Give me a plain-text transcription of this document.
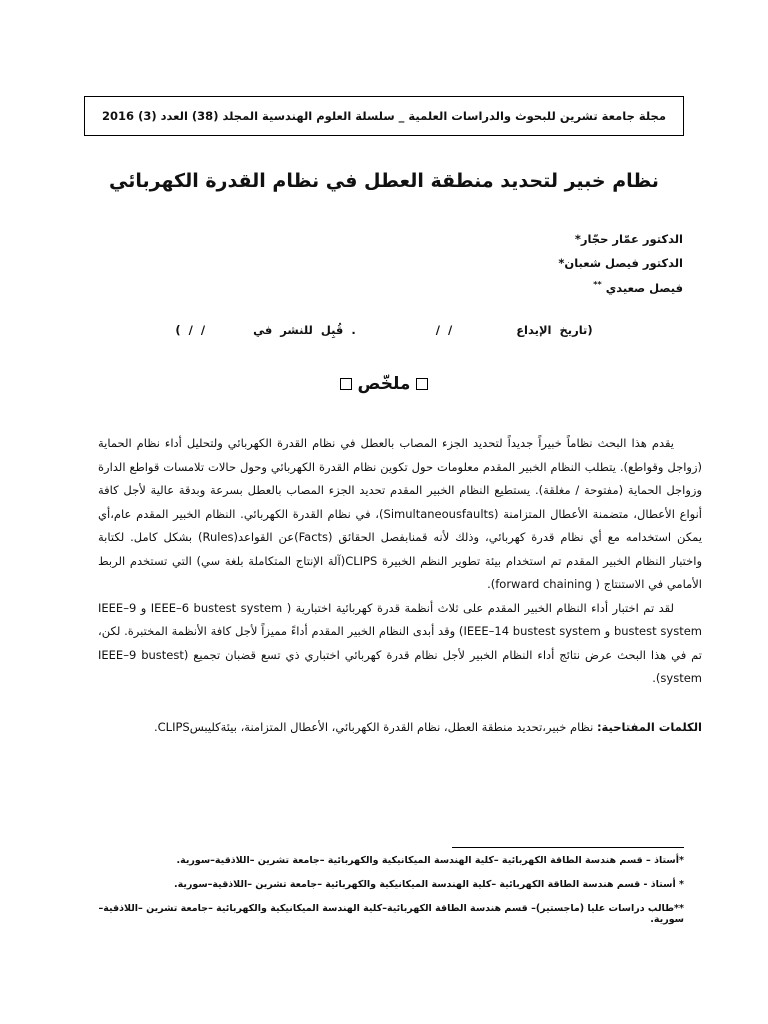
مجلة جامعة تشرين للبحوث والدراسات العلمية _ سلسلة العلوم الهندسية المجلد (38) العدد (3) 2016
نظام خبير لتحديد منطقة العطل في نظام القدرة الكهربائي
الدكتور عمّار حجّار*
الدكتور فيصل شعبان*
فيصل صعيدي **
(تاريخ الإيداع        / /          . قُبِل للنشر في      / / )
ملخّص

يقدم هذا البحث نظاماً خبيراً جديداً لتحديد الجزء المصاب بالعطل في نظام القدرة الكهربائي ولتحليل أداء نظام الحماية (زواجل وقواطع). يتطلب النظام الخبير المقدم معلومات حول تكوين نظام القدرة الكهربائي وحول حالات تلامسات قواطع الدارة وزواجل الحماية (مفتوحة / مغلقة). يستطيع النظام الخبير المقدم تحديد الجزء المصاب بالعطل بسرعة وبدقة عالية لأجل كافة أنواع الأعطال، متضمنة الأعطال المتزامنة (Simultaneousfaults)، في نظام القدرة الكهربائي. النظام الخبير المقدم عام،أي يمكن استخدامه مع أي نظام قدرة كهربائي، وذلك لأنه قمنابفصل الحقائق (Facts)عن القواعد(Rules) بشكل كامل. لكتابة واختبار النظام الخبير المقدم تم استخدام بيئة تطوير النظم الخبيرة CLIPS(آلة الإنتاج المتكاملة بلغة سي) التي تستخدم الربط الأمامي في الاستنتاج ( forward chaining).

لقد تم اختبار أداء النظام الخبير المقدم على ثلاث أنظمة قدرة كهربائية اختبارية ( IEEE–6 bustest system و IEEE–9 bustest system و IEEE–14 bustest system) وقد أبدى النظام الخبير المقدم أداءً مميزاً لأجل كافة الأنظمة المختبرة. لكن، تم في هذا البحث عرض نتائج أداء النظام الخبير لأجل نظام قدرة كهربائي اختباري ذي تسع قضبان تجميع (IEEE–9 bustest system).

الكلمات المفتاحية: نظام خبير،تحديد منطقة العطل، نظام القدرة الكهربائي، الأعطال المتزامنة، بيئةكليبسCLIPS.
*أستاذ – قسم هندسة الطاقة الكهربائية –كلية الهندسة الميكانيكية والكهربائية –جامعة تشرين –اللاذقية–سورية.
* أستاذ - قسم هندسة الطاقة الكهربائية –كلية الهندسة الميكانيكية والكهربائية –جامعة تشرين –اللاذقية–سورية.
**طالب دراسات عليا (ماجستير)– قسم هندسة الطاقة الكهربائية–كلية الهندسة الميكانيكية والكهربائية –جامعة تشرين –اللاذقية–سورية.
